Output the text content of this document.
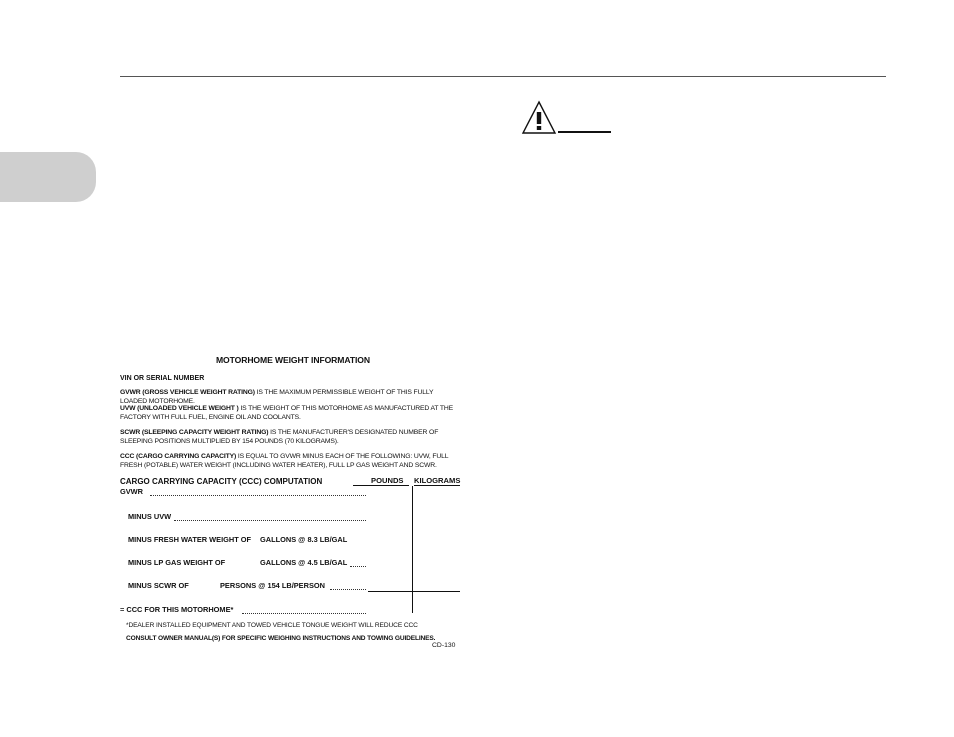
MOTORHOME WEIGHT INFORMATION
VIN OR SERIAL NUMBER
GVWR (GROSS VEHICLE WEIGHT RATING) IS THE MAXIMUM PERMISSIBLE WEIGHT OF THIS FULLY LOADED MOTORHOME.
UVW (UNLOADED VEHICLE WEIGHT ) IS THE WEIGHT OF THIS MOTORHOME AS MANUFACTURED AT THE FACTORY WITH FULL FUEL, ENGINE OIL AND COOLANTS.
SCWR (SLEEPING CAPACITY WEIGHT RATING) IS THE MANUFACTURER'S DESIGNATED NUMBER OF SLEEPING POSITIONS MULTIPLIED BY 154 POUNDS (70 KILOGRAMS).
CCC (CARGO CARRYING CAPACITY) IS EQUAL TO GVWR MINUS EACH OF THE FOLLOWING: UVW, FULL FRESH (POTABLE) WATER WEIGHT (INCLUDING WATER HEATER), FULL LP GAS WEIGHT AND SCWR.
CARGO CARRYING CAPACITY (CCC) COMPUTATION	POUNDS KILOGRAMS
GVWR
MINUS UVW
MINUS FRESH WATER WEIGHT OF GALLONS @ 8.3 LB/GAL
MINUS LP GAS WEIGHT OF	GALLONS @ 4.5 LB/GAL
MINUS SCWR OF	PERSONS @ 154 LB/PERSON
= CCC FOR THIS MOTORHOME*
*DEALER INSTALLED EQUIPMENT AND TOWED VEHICLE TONGUE WEIGHT WILL REDUCE CCC
CONSULT OWNER MANUAL(S) FOR SPECIFIC WEIGHING INSTRUCTIONS AND TOWING GUIDELINES.
CD-130
